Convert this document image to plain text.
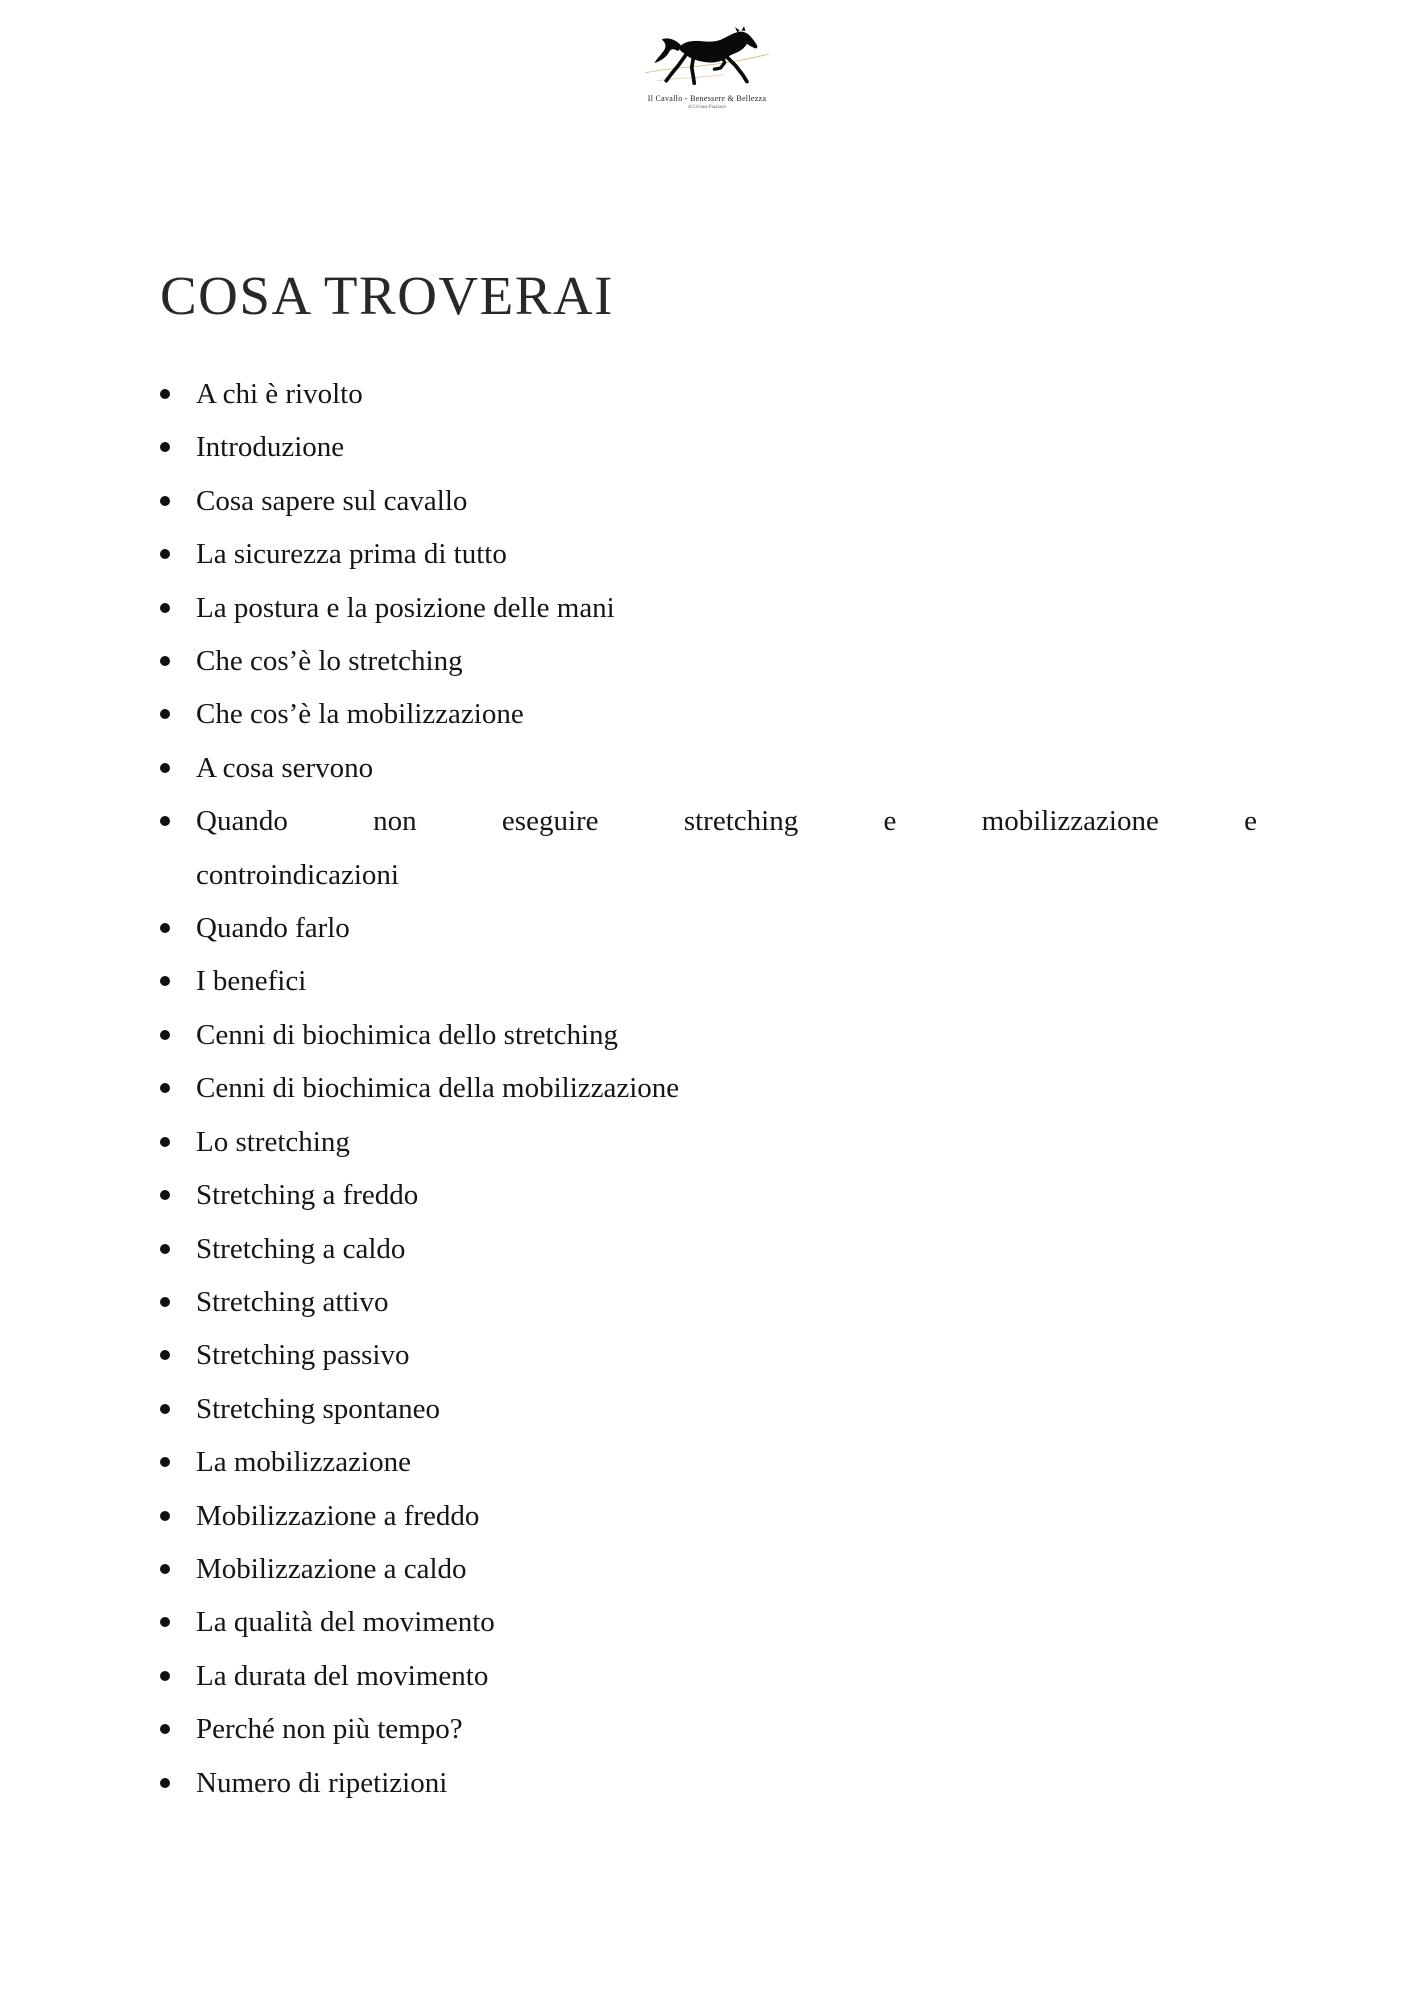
Il Cavallo - Benessere & Bellezza
di Liriana Patalano
COSA TROVERAI
A chi è rivolto
Introduzione
Cosa sapere sul cavallo
La sicurezza prima di tutto
La postura e la posizione delle mani
Che cos’è lo stretching
Che cos’è la mobilizzazione
A cosa servono
Quando non eseguire stretching e mobilizzazione e
controindicazioni
Quando farlo
I benefici
Cenni di biochimica dello stretching
Cenni di biochimica della mobilizzazione
Lo stretching
Stretching a freddo
Stretching a caldo
Stretching attivo
Stretching passivo
Stretching spontaneo
La mobilizzazione
Mobilizzazione a freddo
Mobilizzazione a caldo
La qualità del movimento
La durata del movimento
Perché non più tempo?
Numero di ripetizioni
